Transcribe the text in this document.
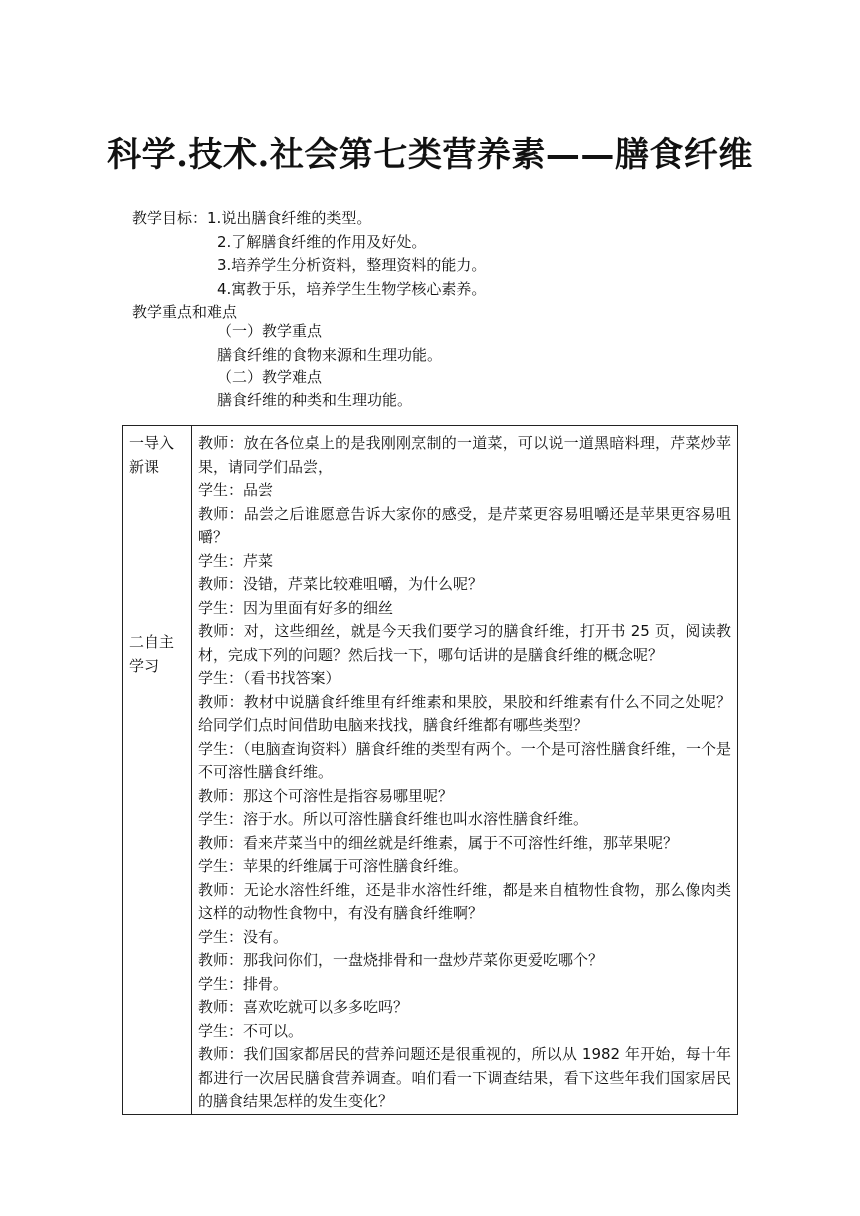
科学.技术.社会第七类营养素——膳食纤维
教学目标：1.说出膳食纤维的类型。
2.了解膳食纤维的作用及好处。
3.培养学生分析资料，整理资料的能力。
4.寓教于乐，培养学生生物学核心素养。
教学重点和难点
（一）教学重点
膳食纤维的食物来源和生理功能。
（二）教学难点
膳食纤维的种类和生理功能。
一导入新课
二自主学习

教师：放在各位桌上的是我刚刚烹制的一道菜，可以说一道黑暗料理，芹菜炒苹果，请同学们品尝，
学生：品尝
教师：品尝之后谁愿意告诉大家你的感受，是芹菜更容易咀嚼还是苹果更容易咀嚼？
学生：芹菜
教师：没错，芹菜比较难咀嚼，为什么呢？
学生：因为里面有好多的细丝
教师：对，这些细丝，就是今天我们要学习的膳食纤维，打开书 25 页，阅读教材，完成下列的问题？然后找一下，哪句话讲的是膳食纤维的概念呢？
学生：（看书找答案）
教师：教材中说膳食纤维里有纤维素和果胶，果胶和纤维素有什么不同之处呢？给同学们点时间借助电脑来找找，膳食纤维都有哪些类型？
学生：（电脑查询资料）膳食纤维的类型有两个。一个是可溶性膳食纤维，一个是不可溶性膳食纤维。
教师：那这个可溶性是指容易哪里呢？
学生：溶于水。所以可溶性膳食纤维也叫水溶性膳食纤维。
教师：看来芹菜当中的细丝就是纤维素，属于不可溶性纤维，那苹果呢？
学生：苹果的纤维属于可溶性膳食纤维。
教师：无论水溶性纤维，还是非水溶性纤维，都是来自植物性食物，那么像肉类这样的动物性食物中，有没有膳食纤维啊？
学生：没有。
教师：那我问你们，一盘烧排骨和一盘炒芹菜你更爱吃哪个？
学生：排骨。
教师：喜欢吃就可以多多吃吗？
学生：不可以。
教师：我们国家都居民的营养问题还是很重视的，所以从 1982 年开始，每十年都进行一次居民膳食营养调查。咱们看一下调查结果，看下这些年我们国家居民的膳食结果怎样的发生变化？
